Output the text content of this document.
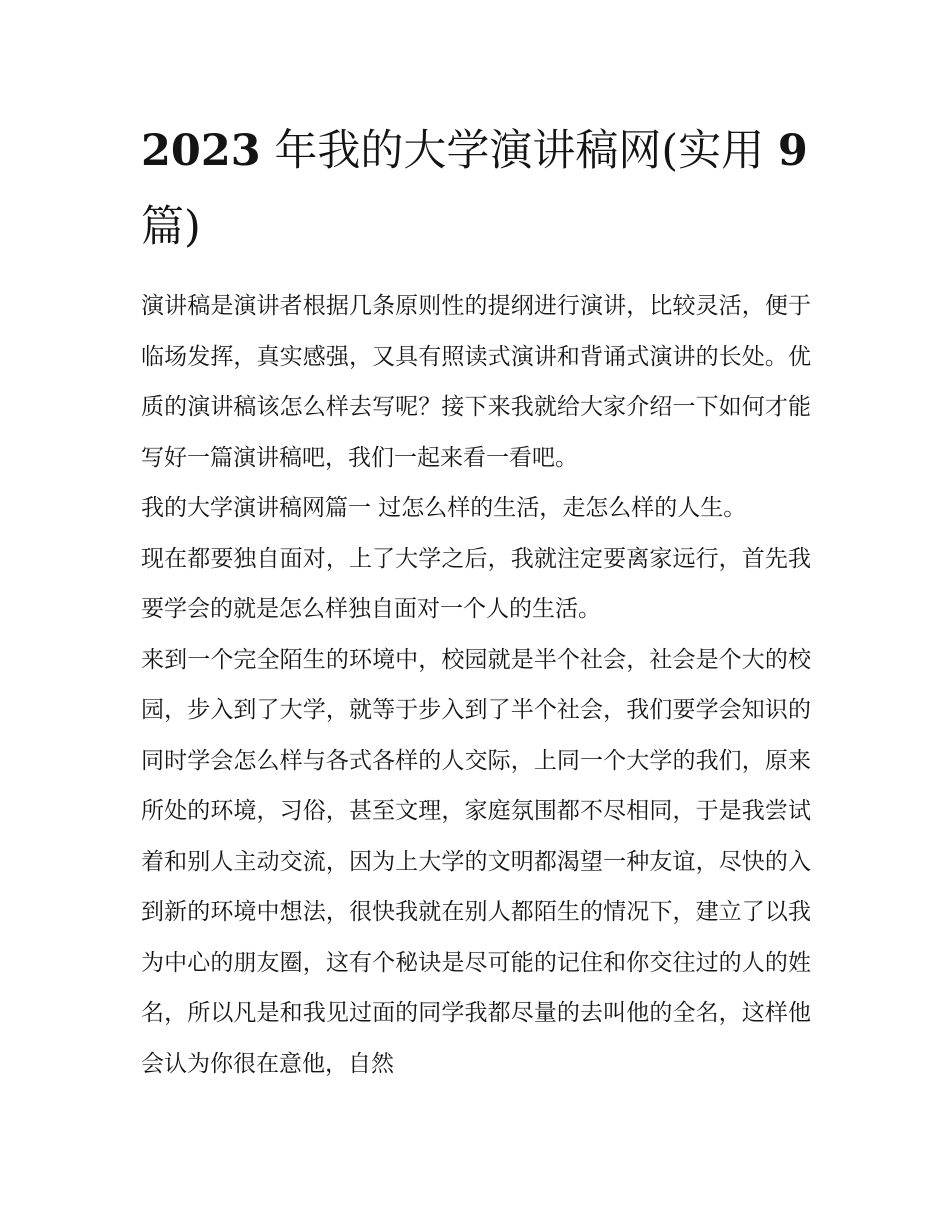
2023 年我的大学演讲稿网(实用 9 篇)

演讲稿是演讲者根据几条原则性的提纲进行演讲，比较灵活，便于临场发挥，真实感强，又具有照读式演讲和背诵式演讲的长处。优质的演讲稿该怎么样去写呢？接下来我就给大家介绍一下如何才能写好一篇演讲稿吧，我们一起来看一看吧。

我的大学演讲稿网篇一 过怎么样的生活，走怎么样的人生。

现在都要独自面对，上了大学之后，我就注定要离家远行，首先我要学会的就是怎么样独自面对一个人的生活。

来到一个完全陌生的环境中，校园就是半个社会，社会是个大的校园，步入到了大学，就等于步入到了半个社会，我们要学会知识的同时学会怎么样与各式各样的人交际，上同一个大学的我们，原来所处的环境，习俗，甚至文理，家庭氛围都不尽相同，于是我尝试着和别人主动交流，因为上大学的文明都渴望一种友谊，尽快的入到新的环境中想法，很快我就在别人都陌生的情况下，建立了以我为中心的朋友圈，这有个秘诀是尽可能的记住和你交往过的人的姓名，所以凡是和我见过面的同学我都尽量的去叫他的全名，这样他会认为你很在意他，自然
